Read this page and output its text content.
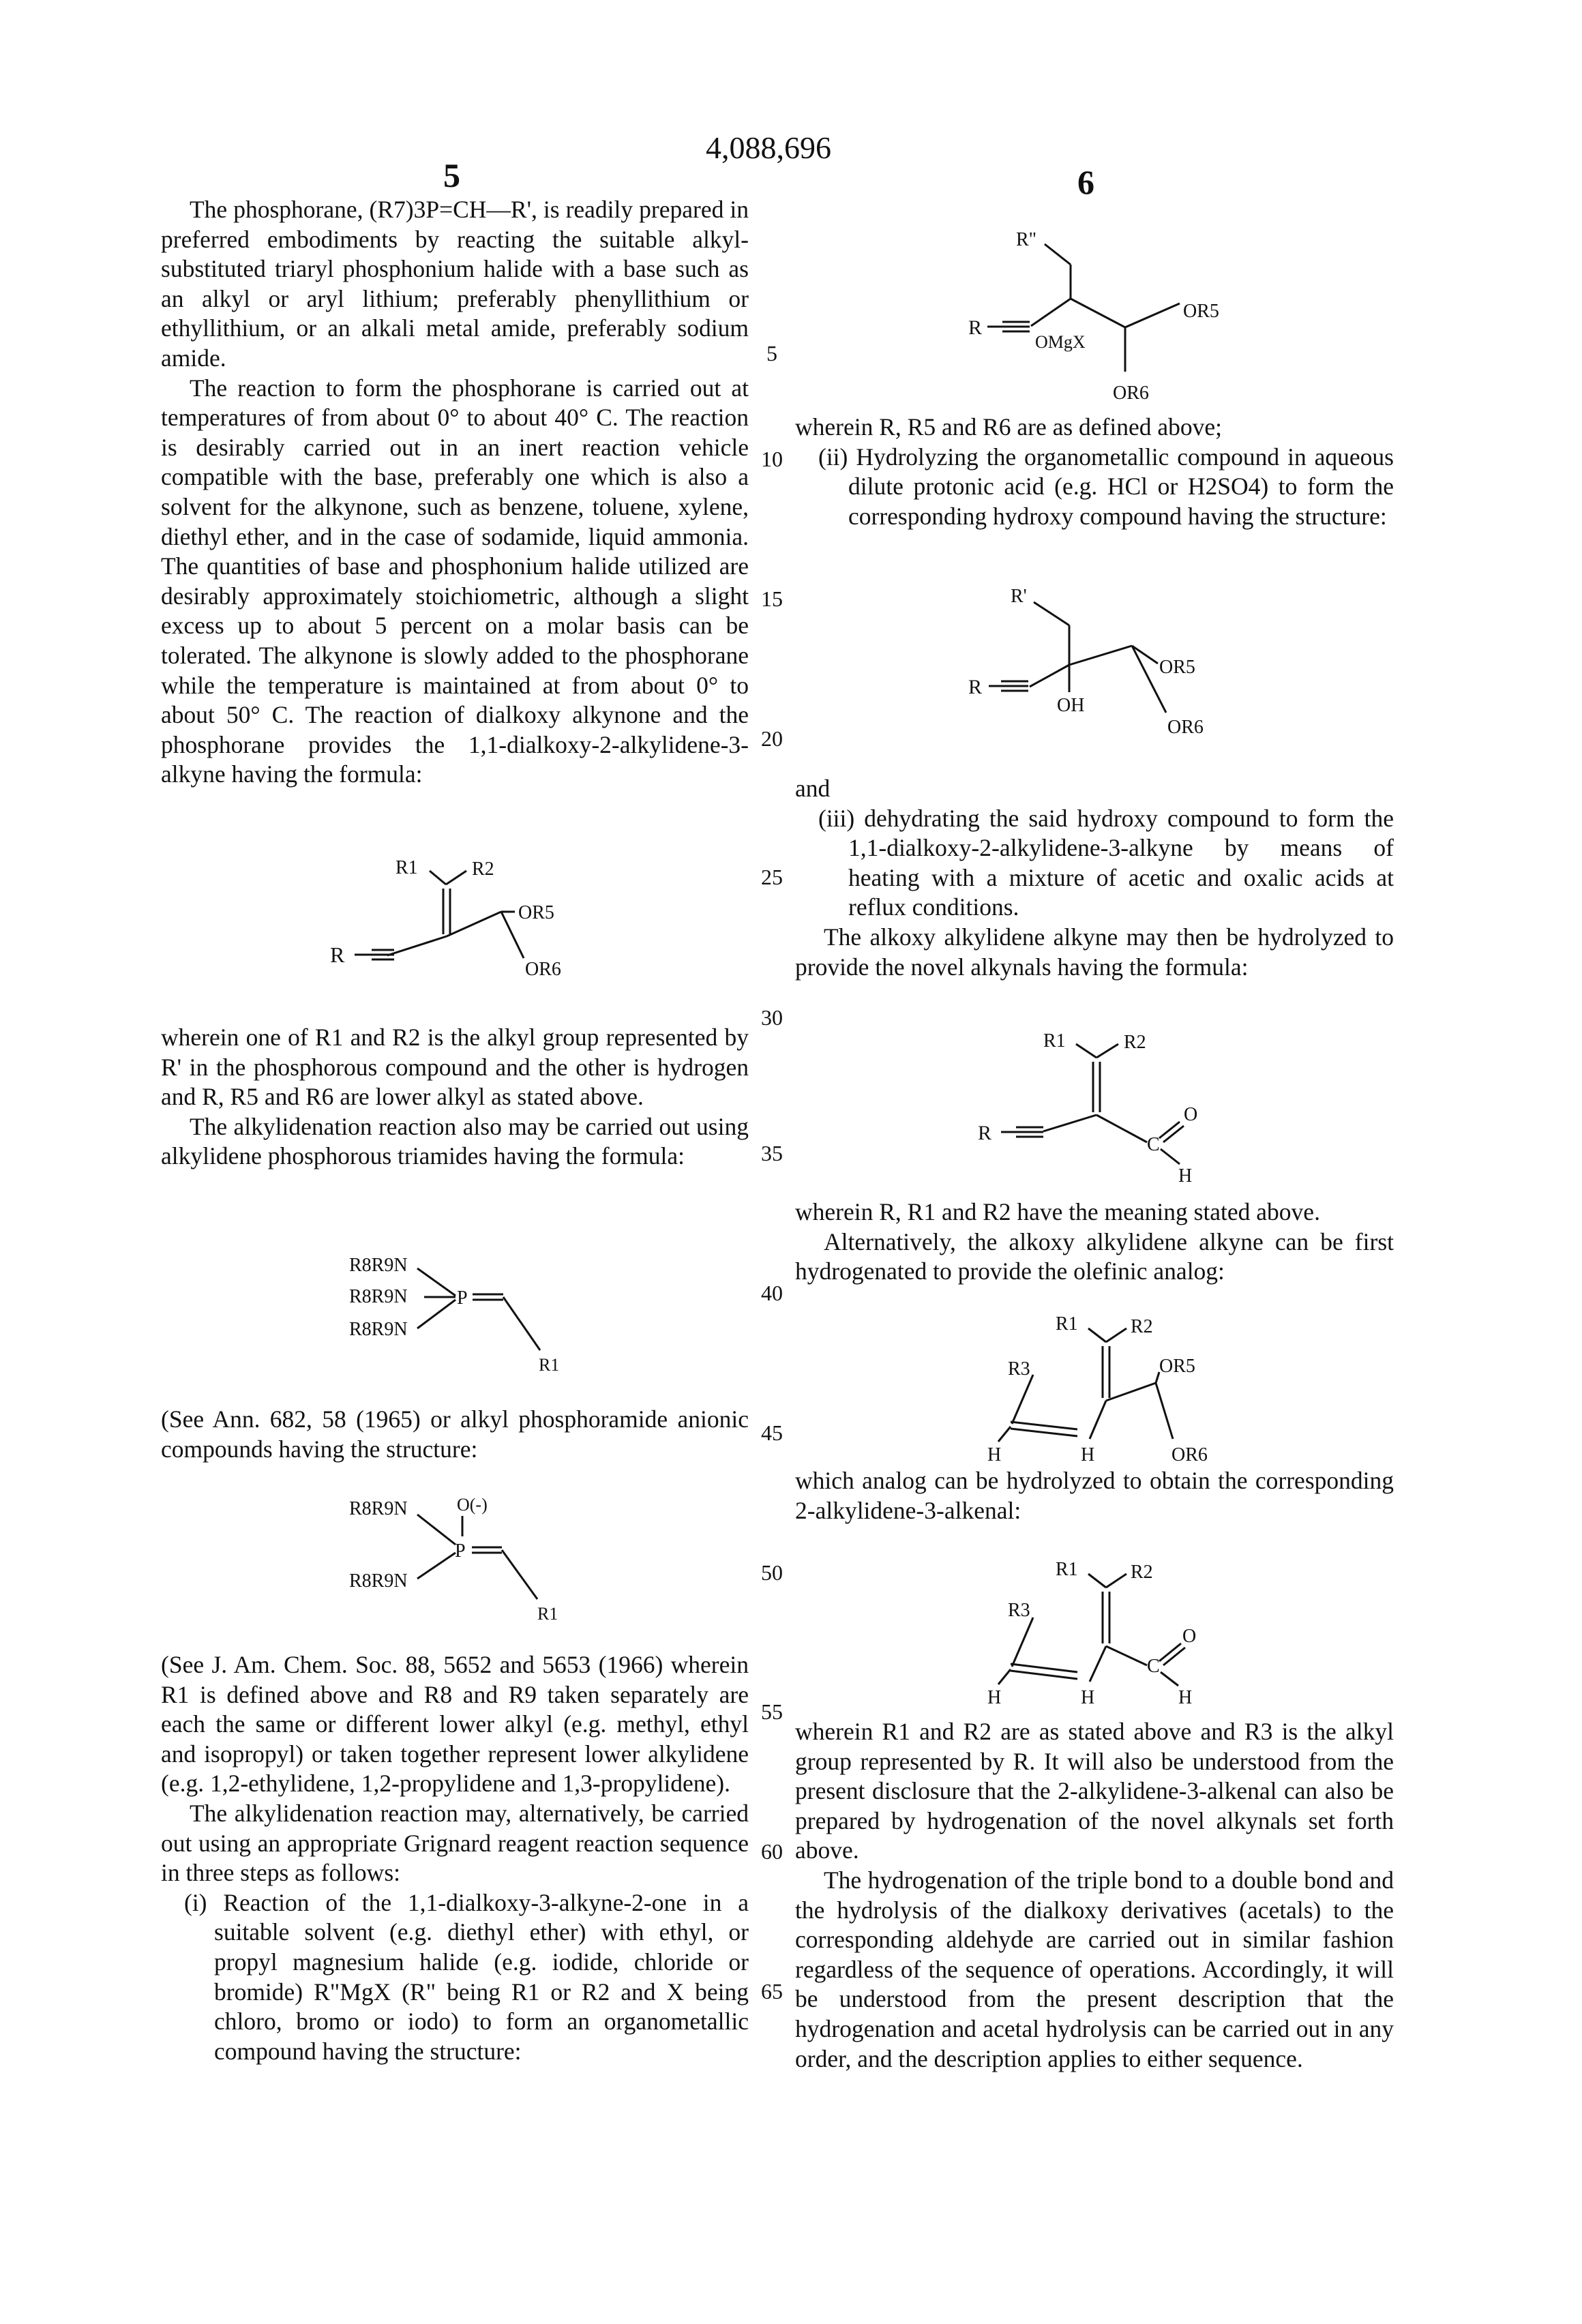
4,088,696
5	6

The phosphorane, (R7)3P=CH—R', is readily prepared in preferred embodiments by reacting the suitable alkyl-substituted triaryl phosphonium halide with a base such as an alkyl or aryl lithium; preferably phenyllithium or ethyllithium, or an alkali metal amide, preferably sodium amide.

The reaction to form the phosphorane is carried out at temperatures of from about 0° to about 40° C. The reaction is desirably carried out in an inert reaction vehicle compatible with the base, preferably one which is also a solvent for the alkynone, such as benzene, toluene, xylene, diethyl ether, and in the case of sodamide, liquid ammonia. The quantities of base and phosphonium halide utilized are desirably approximately stoichiometric, although a slight excess up to about 5 percent on a molar basis can be tolerated. The alkynone is slowly added to the phosphorane while the temperature is maintained at from about 0° to about 50° C. The reaction of dialkoxy alkynone and the phosphorane provides the 1,1-dialkoxy-2-alkylidene-3-alkyne having the formula:

wherein one of R1 and R2 is the alkyl group represented by R' in the phosphorous compound and the other is hydrogen and R, R5 and R6 are lower alkyl as stated above.

The alkylidenation reaction also may be carried out using alkylidene phosphorous triamides having the formula:

(See Ann. 682, 58 (1965) or alkyl phosphoramide anionic compounds having the structure:

(See J. Am. Chem. Soc. 88, 5652 and 5653 (1966) wherein R1 is defined above and R8 and R9 taken separately are each the same or different lower alkyl (e.g. methyl, ethyl and isopropyl) or taken together represent lower alkylidene (e.g. 1,2-ethylidene, 1,2-propylidene and 1,3-propylidene).

The alkylidenation reaction may, alternatively, be carried out using an appropriate Grignard reagent reaction sequence in three steps as follows:

(i) Reaction of the 1,1-dialkoxy-3-alkyne-2-one in a suitable solvent (e.g. diethyl ether) with ethyl, or propyl magnesium halide (e.g. iodide, chloride or bromide) R"MgX (R" being R1 or R2 and X being chloro, bromo or iodo) to form an organometallic compound having the structure:

wherein R, R5 and R6 are as defined above;

(ii) Hydrolyzing the organometallic compound in aqueous dilute protonic acid (e.g. HCl or H2SO4) to form the corresponding hydroxy compound having the structure:

and

(iii) dehydrating the said hydroxy compound to form the 1,1-dialkoxy-2-alkylidene-3-alkyne by means of heating with a mixture of acetic and oxalic acids at reflux conditions.

The alkoxy alkylidene alkyne may then be hydrolyzed to provide the novel alkynals having the formula:

wherein R, R1 and R2 have the meaning stated above.

Alternatively, the alkoxy alkylidene alkyne can be first hydrogenated to provide the olefinic analog:

which analog can be hydrolyzed to obtain the corresponding 2-alkylidene-3-alkenal:

wherein R1 and R2 are as stated above and R3 is the alkyl group represented by R. It will also be understood from the present disclosure that the 2-alkylidene-3-alkenal can also be prepared by hydrogenation of the novel alkynals set forth above.

The hydrogenation of the triple bond to a double bond and the hydrolysis of the dialkoxy derivatives (acetals) to the corresponding aldehyde are carried out in similar fashion regardless of the sequence of operations. Accordingly, it will be understood from the present description that the hydrogenation and acetal hydrolysis can be carried out in any order, and the description applies to either sequence.

5
10
15
20
25
30
35
40
45
50
55
60
65
R1	R2
OR5
OR6
R
R8R9N
R8R9N
R8R9N
P
R1
R8R9N	O(-)
P
R8R9N
R1
R"
OR5
OR6
R
OMgX
R'
OR5
OR6
OH
R
R1	R2
C
O
H
R
R1	R2
OR5
OR6
H
R3
H
R1	R2
C
O
H
H
R3
H
